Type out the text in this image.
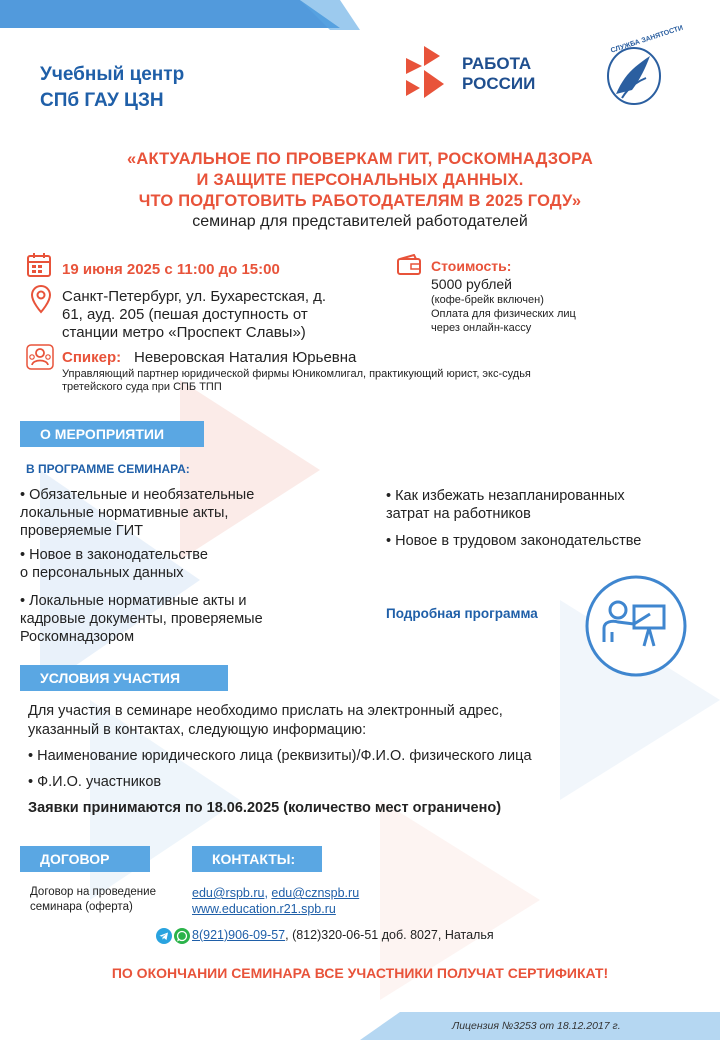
Учебный центр
СПб ГАУ ЦЗН
РАБОТА
РОССИИ
СЛУЖБА ЗАНЯТОСТИ
«АКТУАЛЬНОЕ ПО ПРОВЕРКАМ ГИТ, РОСКОМНАДЗОРА
И ЗАЩИТЕ ПЕРСОНАЛЬНЫХ ДАННЫХ.
ЧТО ПОДГОТОВИТЬ РАБОТОДАТЕЛЯМ В 2025 ГОДУ»
семинар для представителей работодателей
19 июня 2025 с 11:00 до 15:00
Санкт-Петербург, ул. Бухарестская, д.
61, ауд. 205 (пешая доступность от
станции метро «Проспект Славы»)
Стоимость:
5000 рублей
(кофе-брейк включен)
Оплата для физических лиц
через онлайн-кассу
Спикер: Неверовская Наталия Юрьевна
Управляющий партнер юридической фирмы Юникомлигал, практикующий юрист, экс-судья
третейского суда при СПБ ТПП
О МЕРОПРИЯТИИ
В ПРОГРАММЕ СЕМИНАРА:
• Обязательные и необязательные
локальные нормативные акты,
проверяемые ГИТ
• Новое в законодательстве
о персональных данных
• Локальные нормативные акты и
кадровые документы, проверяемые
Роскомнадзором
• Как избежать незапланированных
затрат на работников
• Новое в трудовом законодательстве
Подробная программа
УСЛОВИЯ УЧАСТИЯ
Для участия в семинаре необходимо прислать на электронный адрес,
указанный в контактах, следующую информацию:
• Наименование юридического лица (реквизиты)/Ф.И.О. физического лица
• Ф.И.О. участников
Заявки принимаются по 18.06.2025 (количество мест ограничено)
ДОГОВОР
Договор на проведение
семинара (оферта)
КОНТАКТЫ:
edu@rspb.ru, edu@cznspb.ru
www.education.r21.spb.ru
8(921)906-09-57, (812)320-06-51 доб. 8027, Наталья
ПО ОКОНЧАНИИ СЕМИНАРА ВСЕ УЧАСТНИКИ ПОЛУЧАТ СЕРТИФИКАТ!
Лицензия №3253 от 18.12.2017 г.
